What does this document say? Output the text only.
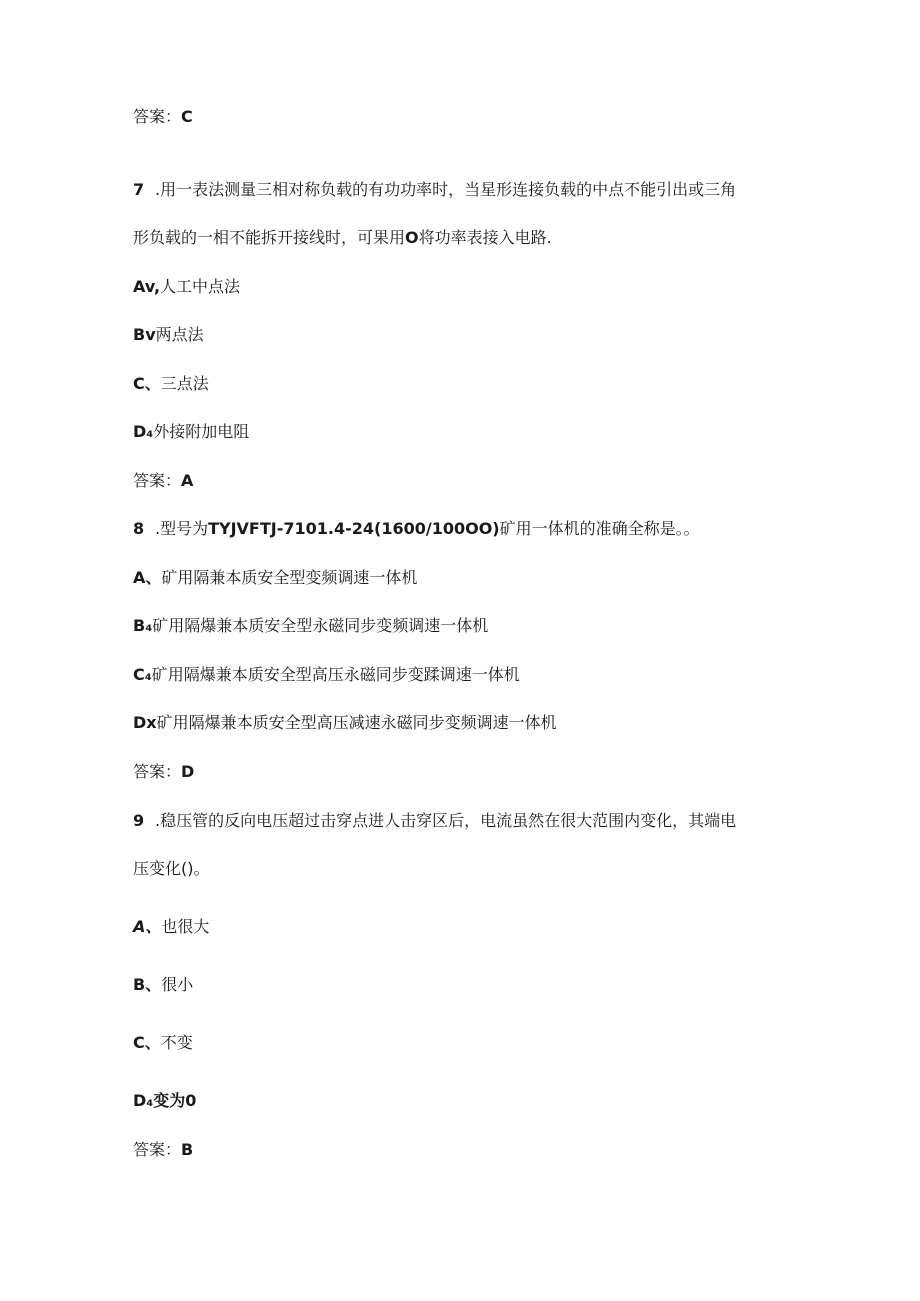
答案：C
7 .用一表法测量三相对称负载的有功功率时，当星形连接负载的中点不能引出或三角
形负载的一相不能拆开接线时，可果用O将功率表接入电路.
Av,人工中点法
Bv两点法
C、三点法
D₄外接附加电阻
答案：A
8 .型号为TYJVFTJ-7101.4-24(1600/100OO)矿用一体机的准确全称是。。
A、矿用隔兼本质安全型变频调速一体机
B₄矿用隔爆兼本质安全型永磁同步变频调速一体机
C₄矿用隔爆兼本质安全型高压永磁同步变蹂调速一体机
Dx矿用隔爆兼本质安全型高压减速永磁同步变频调速一体机
答案：D
9 .稳压管的反向电压超过击穿点进人击穿区后，电流虽然在很大范围内变化，其端电
压变化()。
A、也很大
B、很小
C、不变
D₄变为0
答案：B
